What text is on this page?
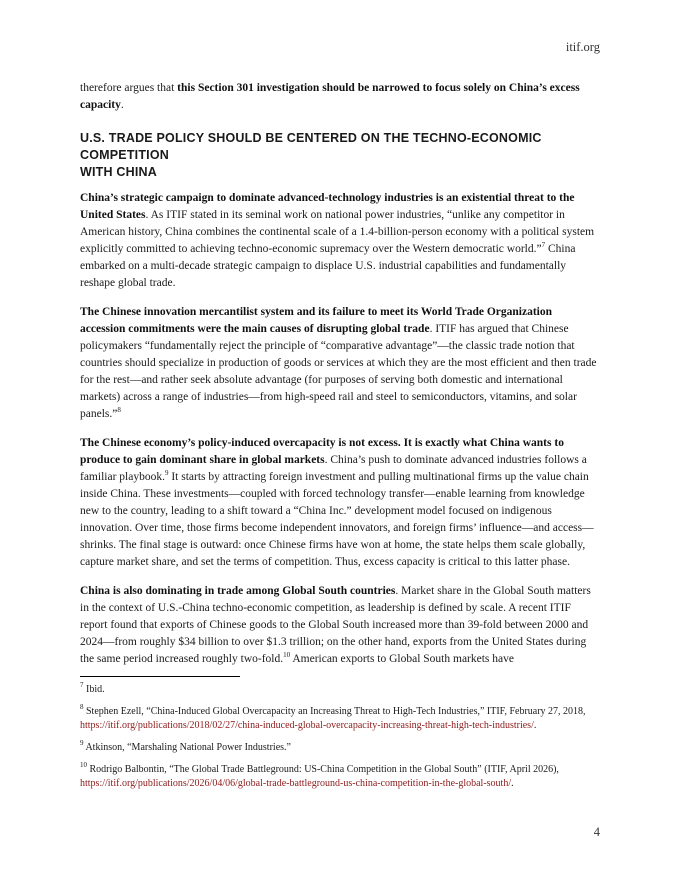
itif.org

therefore argues that this Section 301 investigation should be narrowed to focus solely on China’s excess capacity.

U.S. TRADE POLICY SHOULD BE CENTERED ON THE TECHNO-ECONOMIC COMPETITION
WITH CHINA

China’s strategic campaign to dominate advanced-technology industries is an existential threat to the United States. As ITIF stated in its seminal work on national power industries, “unlike any competitor in American history, China combines the continental scale of a 1.4-billion-person economy with a political system explicitly committed to achieving techno-economic supremacy over the Western democratic world.”$^7$ China embarked on a multi-decade strategic campaign to displace U.S. industrial capabilities and fundamentally reshape global trade.

The Chinese innovation mercantilist system and its failure to meet its World Trade Organization accession commitments were the main causes of disrupting global trade. ITIF has argued that Chinese policymakers “fundamentally reject the principle of “comparative advantage”—the classic trade notion that countries should specialize in production of goods or services at which they are the most efficient and then trade for the rest—and rather seek absolute advantage (for purposes of serving both domestic and international markets) across a range of industries—from high-speed rail and steel to semiconductors, vitamins, and solar panels.”$^8$

The Chinese economy’s policy-induced overcapacity is not excess. It is exactly what China wants to produce to gain dominant share in global markets. China’s push to dominate advanced industries follows a familiar playbook.$^9$ It starts by attracting foreign investment and pulling multinational firms up the value chain inside China. These investments—coupled with forced technology transfer—enable learning from knowledge new to the country, leading to a shift toward a “China Inc.” development model focused on indigenous innovation. Over time, those firms become independent innovators, and foreign firms’ influence—and access—shrinks. The final stage is outward: once Chinese firms have won at home, the state helps them scale globally, capture market share, and set the terms of competition. Thus, excess capacity is critical to this latter phase.

China is also dominating in trade among Global South countries. Market share in the Global South matters in the context of U.S.-China techno-economic competition, as leadership is defined by scale. A recent ITIF report found that exports of Chinese goods to the Global South increased more than 39-fold between 2000 and 2024—from roughly $34 billion to over $1.3 trillion; on the other hand, exports from the United States during the same period increased roughly two-fold.$^{10}$ American exports to Global South markets have

$^7$ Ibid.

$^8$ Stephen Ezell, “China-Induced Global Overcapacity an Increasing Threat to High-Tech Industries,” ITIF, February 27, 2018, https://itif.org/publications/2018/02/27/china-induced-global-overcapacity-increasing-threat-high-tech-industries/.

$^9$ Atkinson, “Marshaling National Power Industries.”

$^{10}$ Rodrigo Balbontin, “The Global Trade Battleground: US-China Competition in the Global South” (ITIF, April 2026), https://itif.org/publications/2026/04/06/global-trade-battleground-us-china-competition-in-the-global-south/.

4
